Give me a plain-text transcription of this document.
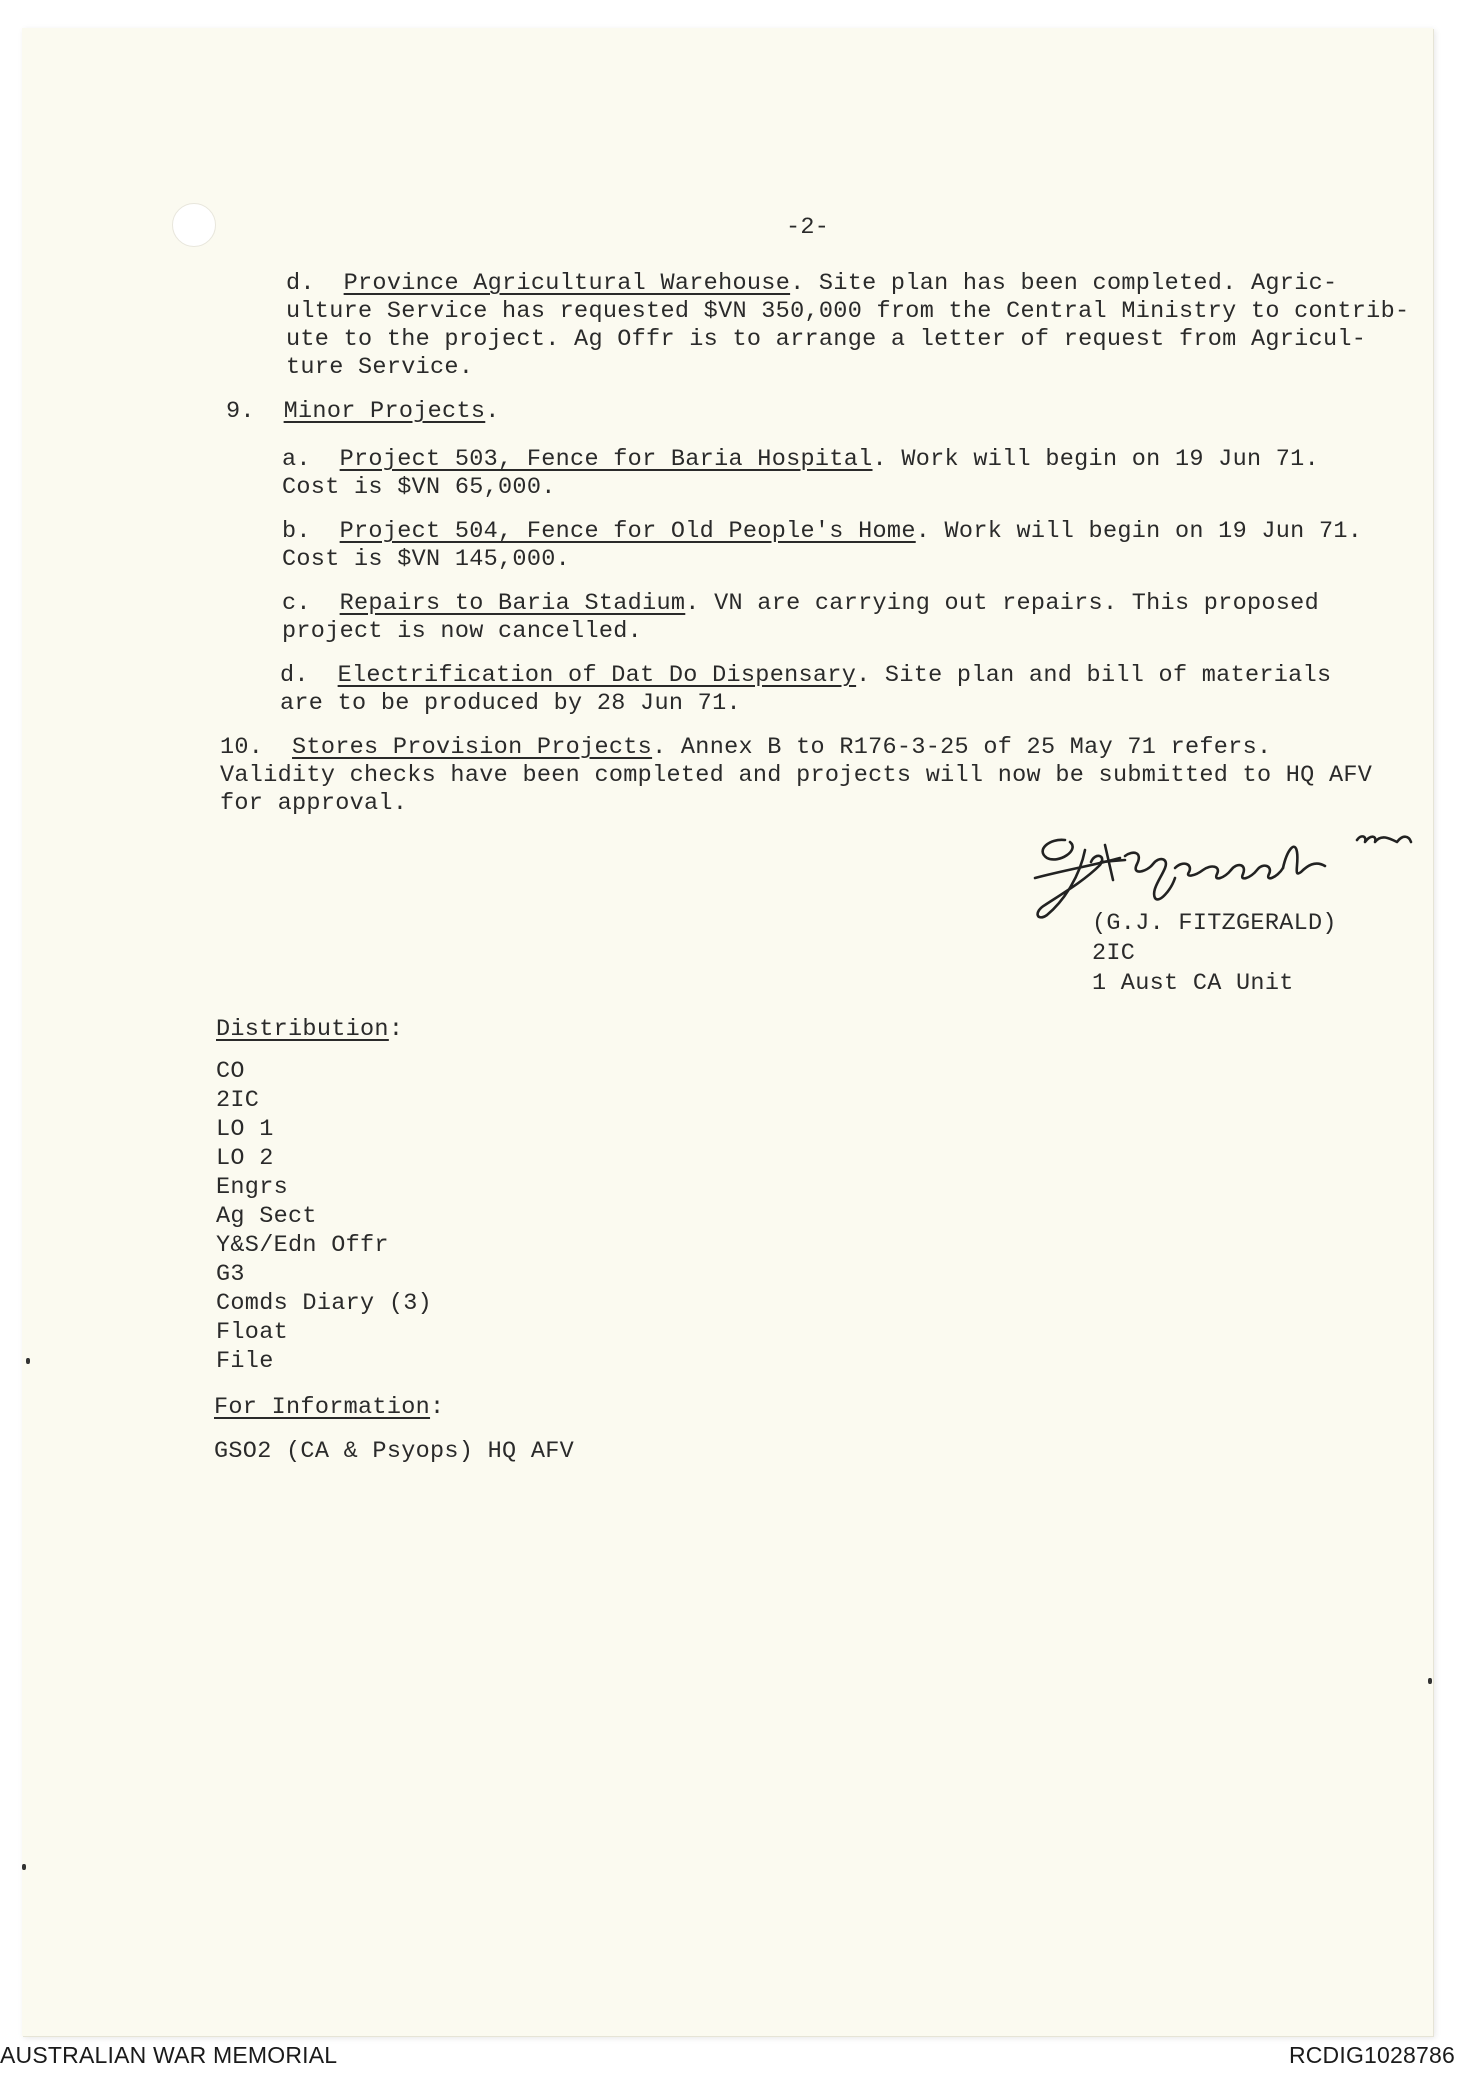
-2-
d. Province Agricultural Warehouse. Site plan has been completed. Agric-
ulture Service has requested $VN 350,000 from the Central Ministry to contrib-
ute to the project. Ag Offr is to arrange a letter of request from Agricul-
ture Service.
9. Minor Projects.
a. Project 503, Fence for Baria Hospital. Work will begin on 19 Jun 71.
Cost is $VN 65,000.
b. Project 504, Fence for Old People's Home. Work will begin on 19 Jun 71.
Cost is $VN 145,000.
c. Repairs to Baria Stadium. VN are carrying out repairs. This proposed
project is now cancelled.
d. Electrification of Dat Do Dispensary. Site plan and bill of materials
are to be produced by 28 Jun 71.
10. Stores Provision Projects. Annex B to R176-3-25 of 25 May 71 refers.
Validity checks have been completed and projects will now be submitted to HQ AFV
for approval.
(G.J. FITZGERALD)
2IC
1 Aust CA Unit
Distribution:
CO
2IC
LO 1
LO 2
Engrs
Ag Sect
Y&S/Edn Offr
G3
Comds Diary (3)
Float
File
For Information:
GSO2 (CA & Psyops) HQ AFV
AUSTRALIAN WAR MEMORIAL	RCDIG1028786
